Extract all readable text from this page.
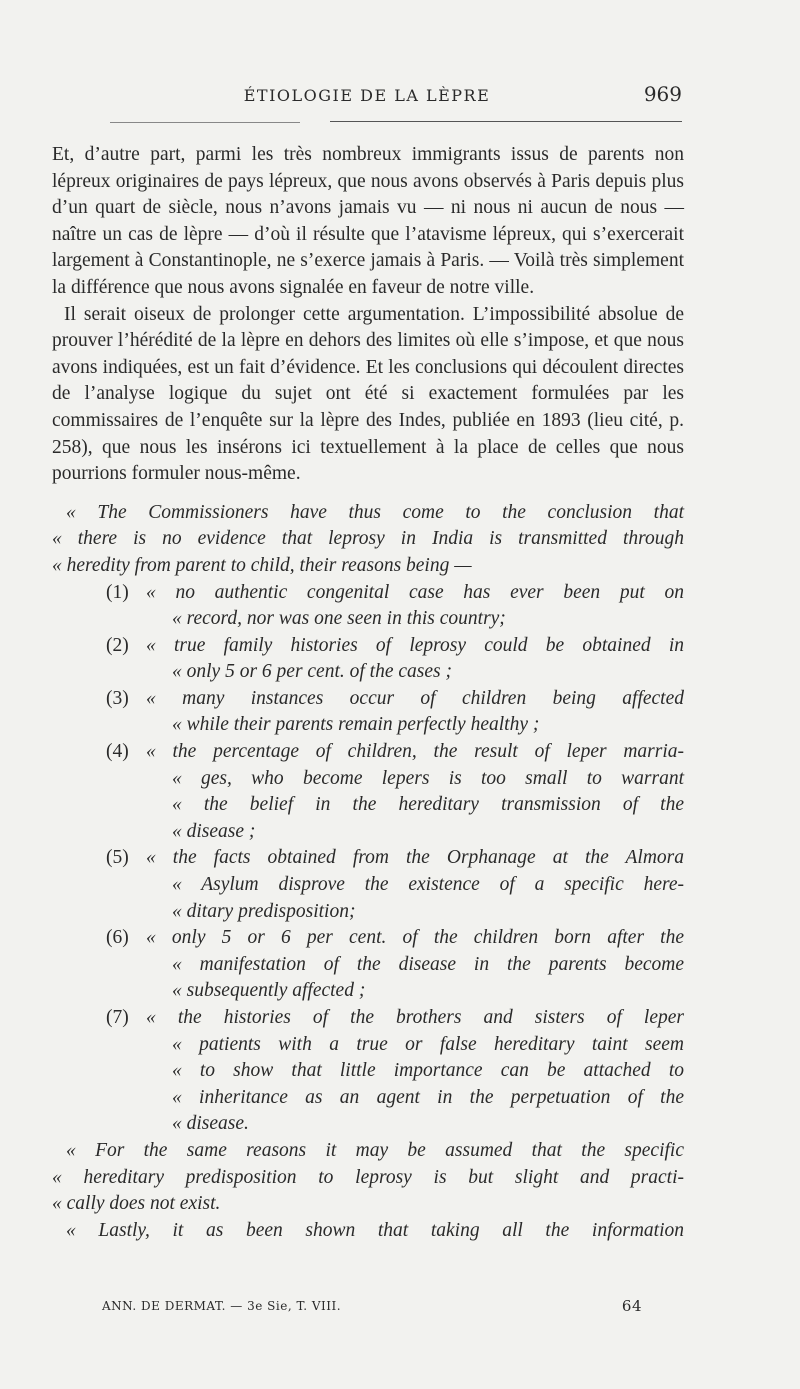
ÉTIOLOGIE DE LA LÈPRE	969

Et, d’autre part, parmi les très nombreux immigrants issus de parents non lépreux originaires de pays lépreux, que nous avons observés à Paris depuis plus d’un quart de siècle, nous n’avons jamais vu — ni nous ni aucun de nous — naître un cas de lèpre — d’où il résulte que l’atavisme lépreux, qui s’exercerait largement à Constantinople, ne s’exerce jamais à Paris. — Voilà très simplement la différence que nous avons signalée en faveur de notre ville.

Il serait oiseux de prolonger cette argumentation. L’impossibilité absolue de prouver l’hérédité de la lèpre en dehors des limites où elle s’impose, et que nous avons indiquées, est un fait d’évidence. Et les conclusions qui découlent directes de l’analyse logique du sujet ont été si exactement formulées par les commissaires de l’enquête sur la lèpre des Indes, publiée en 1893 (lieu cité, p. 258), que nous les insérons ici textuellement à la place de celles que nous pourrions formuler nous-même.

« The Commissioners have thus come to the conclusion that
« there is no evidence that leprosy in India is transmitted through
« heredity from parent to child, their reasons being —
(1) « no authentic congenital case has ever been put on
« record, nor was one seen in this country;
(2) « true family histories of leprosy could be obtained in
« only 5 or 6 per cent. of the cases ;
(3) « many instances occur of children being affected
« while their parents remain perfectly healthy ;
(4) « the percentage of children, the result of leper marria-
« ges, who become lepers is too small to warrant
« the belief in the hereditary transmission of the
« disease ;
(5) « the facts obtained from the Orphanage at the Almora
« Asylum disprove the existence of a specific here-
« ditary predisposition;
(6) « only 5 or 6 per cent. of the children born after the
« manifestation of the disease in the parents become
« subsequently affected ;
(7) « the histories of the brothers and sisters of leper
« patients with a true or false hereditary taint seem
« to show that little importance can be attached to
« inheritance as an agent in the perpetuation of the
« disease.
« For the same reasons it may be assumed that the specific
« hereditary predisposition to leprosy is but slight and practi-
« cally does not exist.
« Lastly, it as been shown that taking all the information
ANN. DE DERMAT. — 3e Sie, T. VIII.	64
